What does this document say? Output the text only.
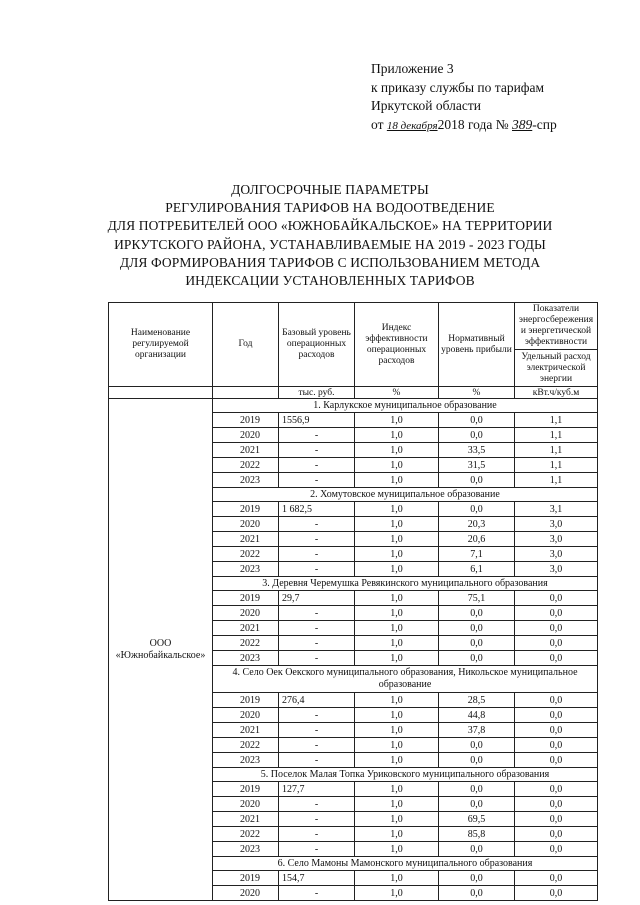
Приложение 3
к приказу службы по тарифам
Иркутской области
от 18 декабря2018 года № 389-спр
ДОЛГОСРОЧНЫЕ ПАРАМЕТРЫ
РЕГУЛИРОВАНИЯ ТАРИФОВ НА ВОДООТВЕДЕНИЕ
ДЛЯ ПОТРЕБИТЕЛЕЙ ООО «ЮЖНОБАЙКАЛЬСКОЕ» НА ТЕРРИТОРИИ
ИРКУТСКОГО РАЙОНА, УСТАНАВЛИВАЕМЫЕ НА 2019 - 2023 ГОДЫ
ДЛЯ ФОРМИРОВАНИЯ ТАРИФОВ С ИСПОЛЬЗОВАНИЕМ МЕТОДА
ИНДЕКСАЦИИ УСТАНОВЛЕННЫХ ТАРИФОВ
Наименование регулируемой организации	Год	Базовый уровень операционных расходов	Индекс эффективности операционных расходов	Нормативный уровень прибыли	Показатели энергосбережения и энергетической эффективности
					Удельный расход электрической энергии
		тыс. руб.	%	%	кВт.ч/куб.м
ООО «Южнобайкальское»	1. Карлукское муниципальное образование				
	2019	1556,9	1,0	0,0	1,1
	2020	-	1,0	0,0	1,1
	2021	-	1,0	33,5	1,1
	2022	-	1,0	31,5	1,1
	2023	-	1,0	0,0	1,1
	2. Хомутовское муниципальное образование				
	2019	1 682,5	1,0	0,0	3,1
	2020	-	1,0	20,3	3,0
	2021	-	1,0	20,6	3,0
	2022	-	1,0	7,1	3,0
	2023	-	1,0	6,1	3,0
	3. Деревня Черемушка Ревякинского муниципального образования				
	2019	29,7	1,0	75,1	0,0
	2020	-	1,0	0,0	0,0
	2021	-	1,0	0,0	0,0
	2022	-	1,0	0,0	0,0
	2023	-	1,0	0,0	0,0
	4. Село Оек Оекского муниципального образования, Никольское муниципальное образование				
	2019	276,4	1,0	28,5	0,0
	2020	-	1,0	44,8	0,0
	2021	-	1,0	37,8	0,0
	2022	-	1,0	0,0	0,0
	2023	-	1,0	0,0	0,0
	5. Поселок Малая Топка Уриковского муниципального образования				
	2019	127,7	1,0	0,0	0,0
	2020	-	1,0	0,0	0,0
	2021	-	1,0	69,5	0,0
	2022	-	1,0	85,8	0,0
	2023	-	1,0	0,0	0,0
	6. Село Мамоны Мамонского муниципального образования				
	2019	154,7	1,0	0,0	0,0
	2020	-	1,0	0,0	0,0
